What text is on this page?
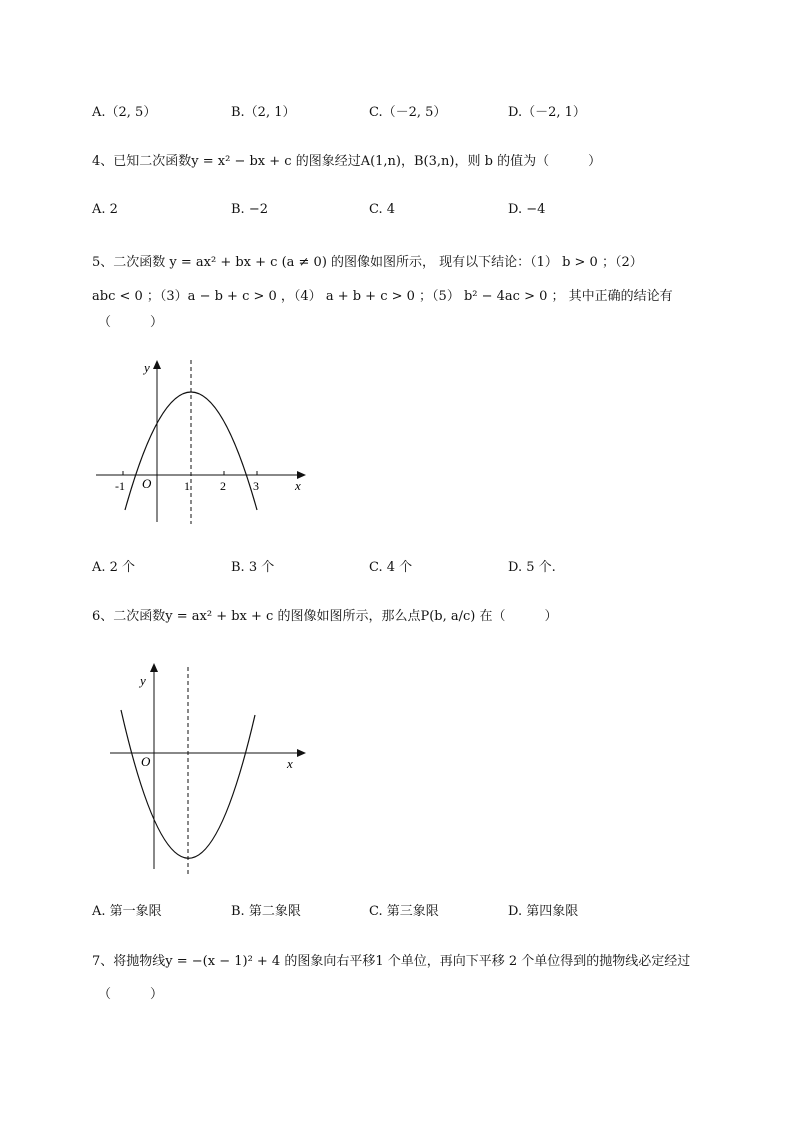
A.（2, 5）	B.（2, 1）	C.（－2, 5）	D.（－2, 1）
4、已知二次函数y = x² − bx + c 的图象经过A(1,n)，B(3,n)，则 b 的值为（　　　）
A. 2	B. −2	C. 4	D. −4
5、二次函数 y = ax² + bx + c (a ≠ 0) 的图像如图所示， 现有以下结论：（1） b > 0 ；（2）
abc < 0 ；（3）a − b + c > 0 ，（4） a + b + c > 0 ；（5） b² − 4ac > 0 ； 其中正确的结论有
（　　　）
y
x
O
-1	1	2 3
A. 2 个	B. 3 个	C. 4 个	D. 5 个.
6、二次函数y = ax² + bx + c 的图像如图所示，那么点P(b, a/c) 在（　　　）
y
x
O
A. 第一象限	B. 第二象限	C. 第三象限	D. 第四象限
7、将抛物线y = −(x − 1)² + 4 的图象向右平移1 个单位，再向下平移 2 个单位得到的抛物线必定经过
（　　　）
